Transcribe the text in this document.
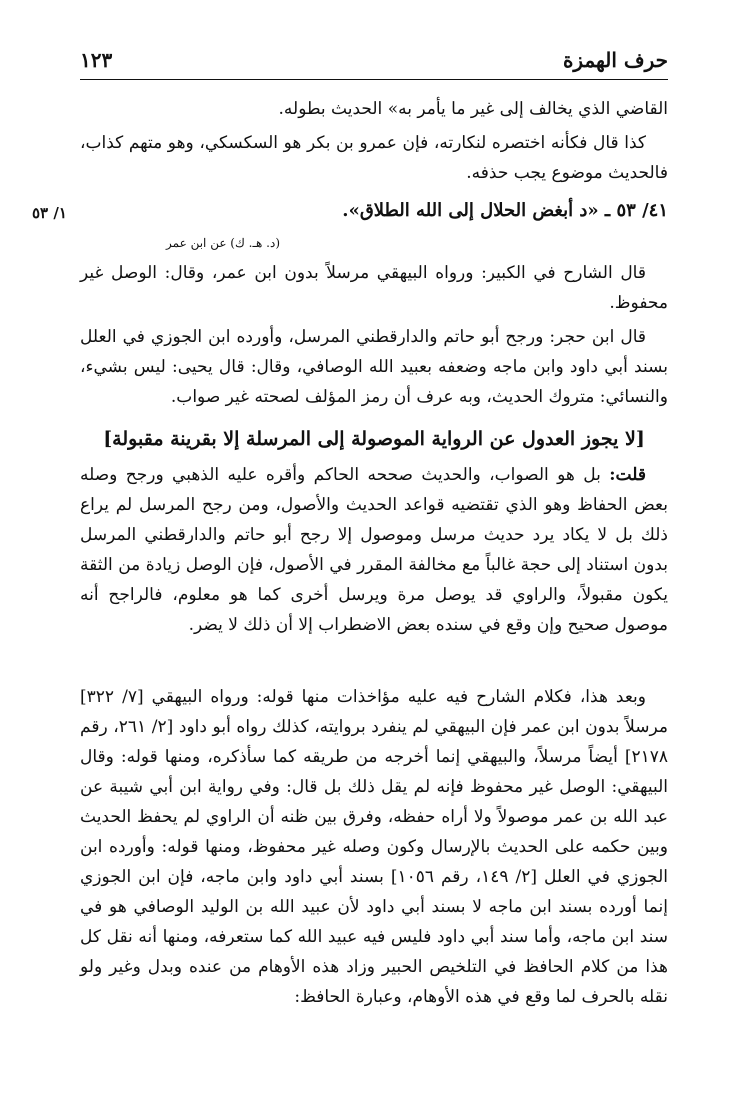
حرف الهمزة
١٢٣

القاضي الذي يخالف إلى غير ما يأمر به» الحديث بطوله.

كذا قال فكأنه اختصره لنكارته، فإن عمرو بن بكر هو السكسكي، وهو متهم كذاب، فالحديث موضوع يجب حذفه.

٤١/ ٥٣ ـ «د أبغض الحلال إلى الله الطلاق».
١/ ٥٣
(د. هـ. ك) عن ابن عمر

قال الشارح في الكبير: ورواه البيهقي مرسلاً بدون ابن عمر، وقال: الوصل غير محفوظ.

قال ابن حجر: ورجح أبو حاتم والدارقطني المرسل، وأورده ابن الجوزي في العلل بسند أبي داود وابن ماجه وضعفه بعبيد الله الوصافي، وقال: قال يحيى: ليس بشيء، والنسائي: متروك الحديث، وبه عرف أن رمز المؤلف لصحته غير صواب.

[لا يجوز العدول عن الرواية الموصولة إلى المرسلة إلا بقرينة مقبولة]

قلت: بل هو الصواب، والحديث صححه الحاكم وأقره عليه الذهبي ورجح وصله بعض الحفاظ وهو الذي تقتضيه قواعد الحديث والأصول، ومن رجح المرسل لم يراع ذلك بل لا يكاد يرد حديث مرسل وموصول إلا رجح أبو حاتم والدارقطني المرسل بدون استناد إلى حجة غالباً مع مخالفة المقرر في الأصول، فإن الوصل زيادة من الثقة يكون مقبولاً، والراوي قد يوصل مرة ويرسل أخرى كما هو معلوم، فالراجح أنه موصول صحيح وإن وقع في سنده بعض الاضطراب إلا أن ذلك لا يضر.

وبعد هذا، فكلام الشارح فيه عليه مؤاخذات منها قوله: ورواه البيهقي [٧/ ٣٢٢] مرسلاً بدون ابن عمر فإن البيهقي لم ينفرد بروايته، كذلك رواه أبو داود [٢/ ٢٦١، رقم ٢١٧٨] أيضاً مرسلاً، والبيهقي إنما أخرجه من طريقه كما سأذكره، ومنها قوله: وقال البيهقي: الوصل غير محفوظ فإنه لم يقل ذلك بل قال: وفي رواية ابن أبي شيبة عن عبد الله بن عمر موصولاً ولا أراه حفظه، وفرق بين ظنه أن الراوي لم يحفظ الحديث وبين حكمه على الحديث بالإرسال وكون وصله غير محفوظ، ومنها قوله: وأورده ابن الجوزي في العلل [٢/ ١٤٩، رقم ١٠٥٦] بسند أبي داود وابن ماجه، فإن ابن الجوزي إنما أورده بسند ابن ماجه لا بسند أبي داود لأن عبيد الله بن الوليد الوصافي هو في سند ابن ماجه، وأما سند أبي داود فليس فيه عبيد الله كما ستعرفه، ومنها أنه نقل كل هذا من كلام الحافظ في التلخيص الحبير وزاد هذه الأوهام من عنده وبدل وغير ولو نقله بالحرف لما وقع في هذه الأوهام، وعبارة الحافظ:
